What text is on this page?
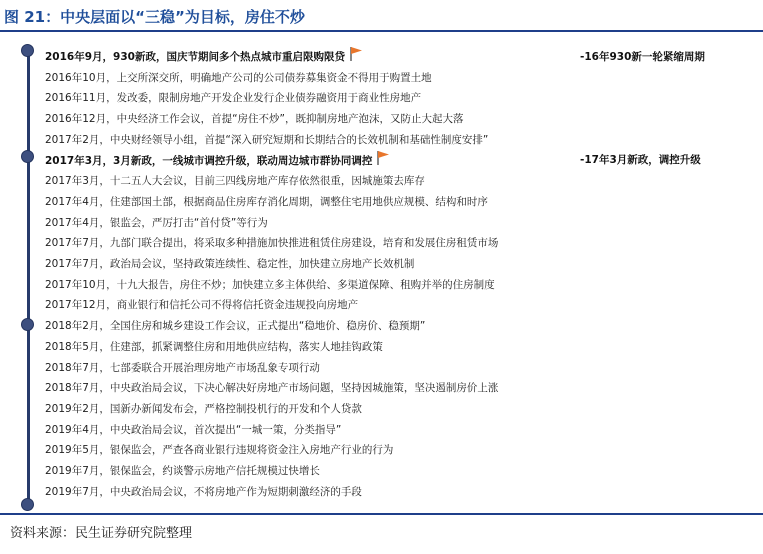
图 21：中央层面以“三稳”为目标，房住不炒
2016年9月，930新政，国庆节期间多个热点城市重启限购限贷
2016年10月，上交所深交所，明确地产公司的公司债券募集资金不得用于购置土地
2016年11月，发改委，限制房地产开发企业发行企业债券融资用于商业性房地产
2016年12月，中央经济工作会议，首提“房住不炒”，既抑制房地产泡沫，又防止大起大落
2017年2月，中央财经领导小组，首提“深入研究短期和长期结合的长效机制和基础性制度安排”
2017年3月，3月新政，一线城市调控升级，联动周边城市群协同调控
2017年3月，十二五人大会议，目前三四线房地产库存依然很重，因城施策去库存
2017年4月，住建部国土部，根据商品住房库存消化周期，调整住宅用地供应规模、结构和时序
2017年4月，银监会，严厉打击“首付贷”等行为
2017年7月，九部门联合提出，将采取多种措施加快推进租赁住房建设，培育和发展住房租赁市场
2017年7月，政治局会议，坚持政策连续性、稳定性，加快建立房地产长效机制
2017年10月，十九大报告，房住不炒；加快建立多主体供给、多渠道保障、租购并举的住房制度
2017年12月，商业银行和信托公司不得将信托资金违规投向房地产
2018年2月，全国住房和城乡建设工作会议，正式提出“稳地价、稳房价、稳预期”
2018年5月，住建部，抓紧调整住房和用地供应结构，落实人地挂钩政策
2018年7月，七部委联合开展治理房地产市场乱象专项行动
2018年7月，中央政治局会议，下决心解决好房地产市场问题，坚持因城施策，坚决遏制房价上涨
2019年2月，国新办新闻发布会，严格控制投机行的开发和个人贷款
2019年4月，中央政治局会议，首次提出“一城一策，分类指导”
2019年5月，银保监会，严查各商业银行违规将资金注入房地产行业的行为
2019年7月，银保监会，约谈警示房地产信托规模过快增长
2019年7月，中央政治局会议，不将房地产作为短期刺激经济的手段
-16年930新一轮紧缩周期
-17年3月新政，调控升级
资料来源：民生证券研究院整理
